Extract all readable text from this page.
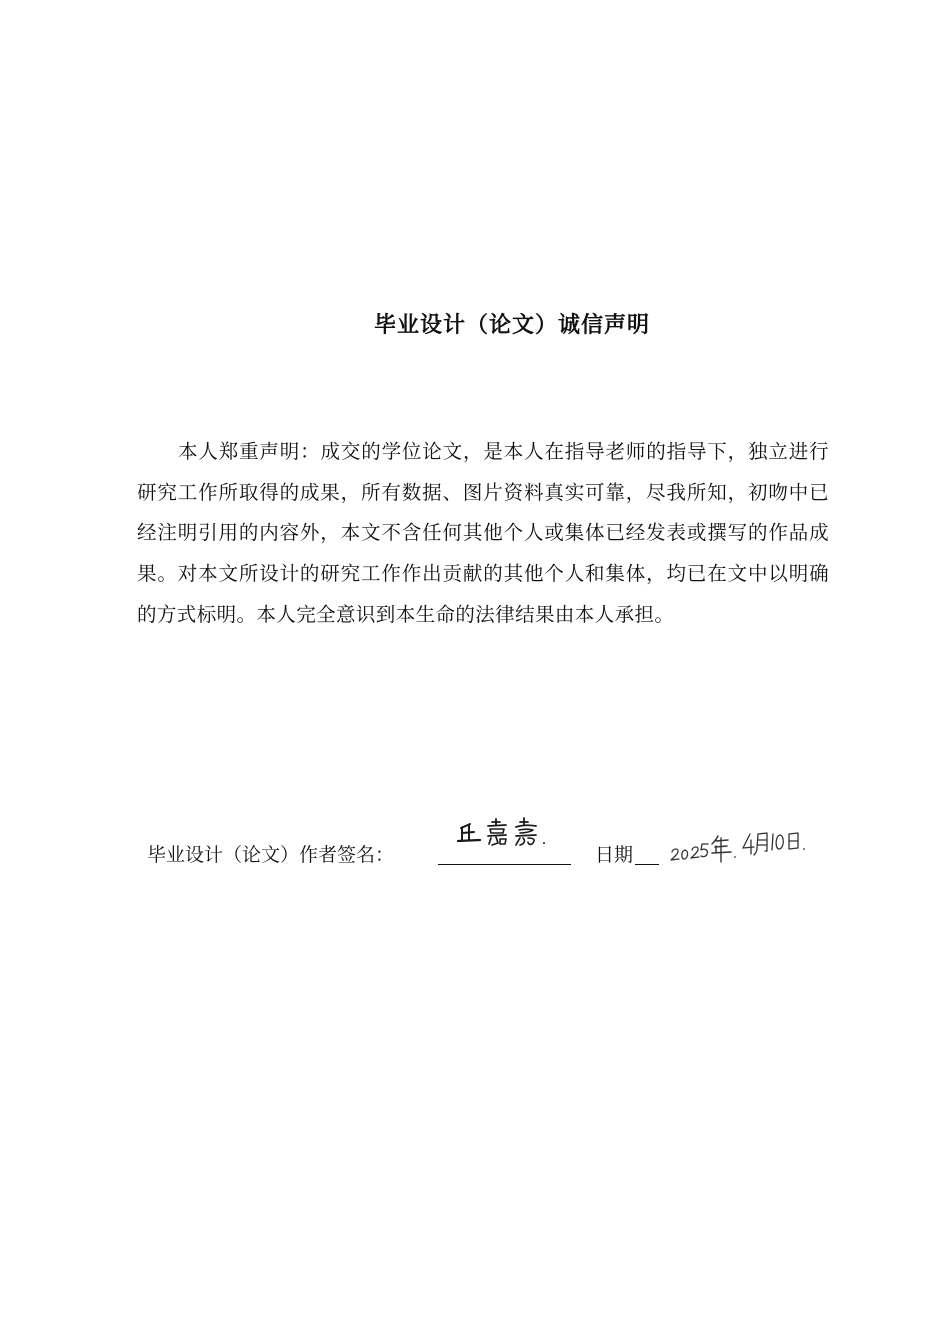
毕业设计（论文）诚信声明

本人郑重声明：成交的学位论文，是本人在指导老师的指导下，独立进行研究工作所取得的成果，所有数据、图片资料真实可靠，尽我所知，初吻中已经注明引用的内容外，本文不含任何其他个人或集体已经发表或撰写的作品成果。对本文所设计的研究工作作出贡献的其他个人和集体，均已在文中以明确的方式标明。本人完全意识到本生命的法律结果由本人承担。

毕业设计（论文）作者签名：	日期
